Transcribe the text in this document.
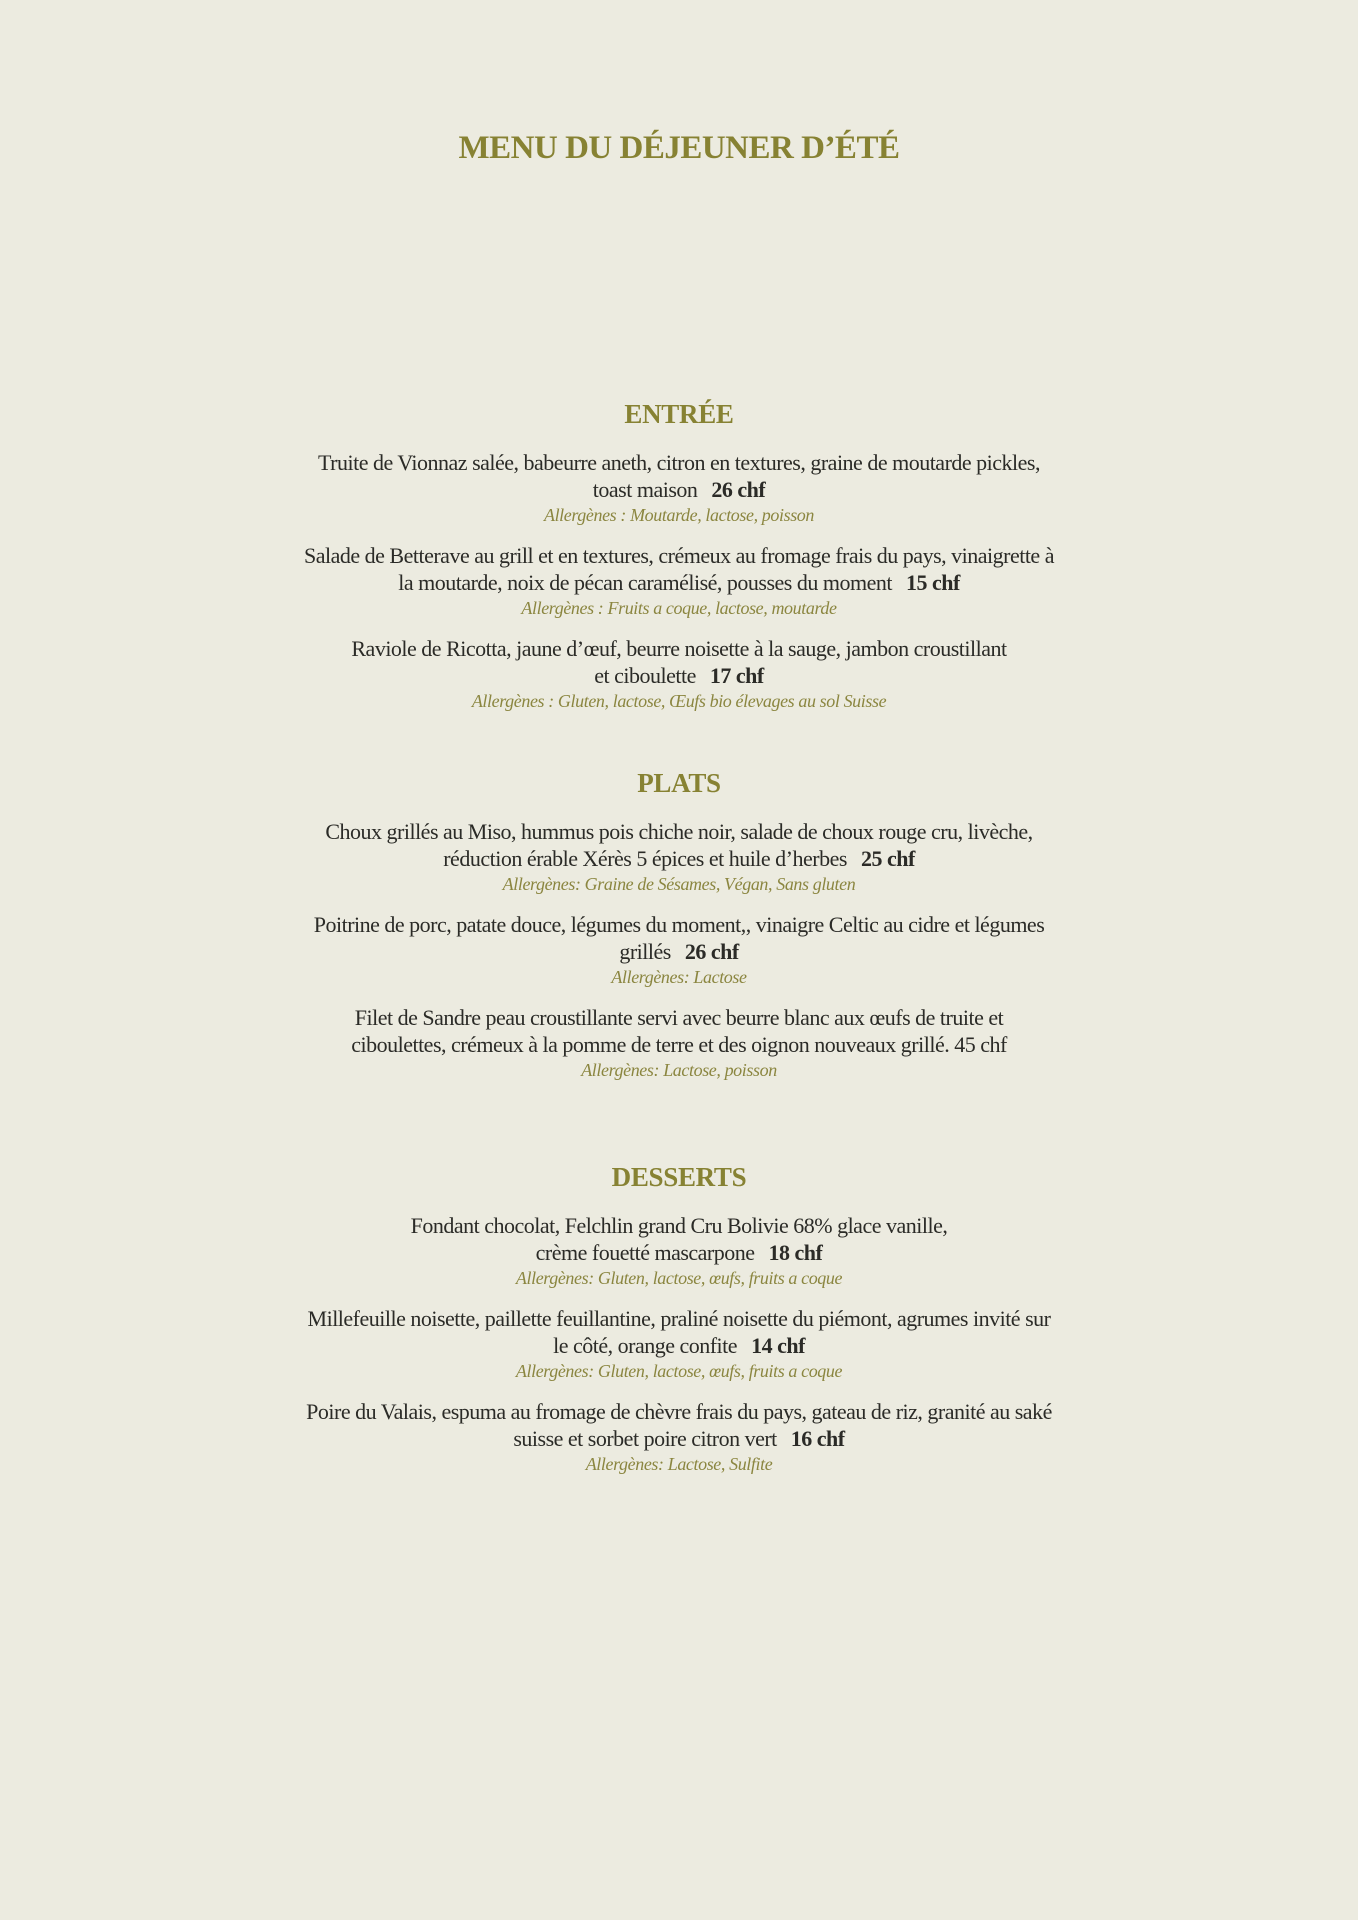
MENU DU DÉJEUNER D’ÉTÉ
ENTRÉE
Truite de Vionnaz salée, babeurre aneth, citron en textures, graine de moutarde pickles,
toast maison 26 chf
Allergènes : Moutarde, lactose, poisson
Salade de Betterave au grill et en textures, crémeux au fromage frais du pays, vinaigrette à
la moutarde, noix de pécan caramélisé, pousses du moment 15 chf
Allergènes : Fruits a coque, lactose, moutarde
Raviole de Ricotta, jaune d’œuf, beurre noisette à la sauge, jambon croustillant
et ciboulette 17 chf
Allergènes : Gluten, lactose, Œufs bio élevages au sol Suisse
PLATS
Choux grillés au Miso, hummus pois chiche noir, salade de choux rouge cru, livèche,
réduction érable Xérès 5 épices et huile d’herbes 25 chf
Allergènes: Graine de Sésames, Végan, Sans gluten
Poitrine de porc, patate douce, légumes du moment,, vinaigre Celtic au cidre et légumes
grillés 26 chf
Allergènes: Lactose
Filet de Sandre peau croustillante servi avec beurre blanc aux œufs de truite et
ciboulettes, crémeux à la pomme de terre et des oignon nouveaux grillé. 45 chf
Allergènes: Lactose, poisson
DESSERTS
Fondant chocolat, Felchlin grand Cru Bolivie 68% glace vanille,
crème fouetté mascarpone 18 chf
Allergènes: Gluten, lactose, œufs, fruits a coque
Millefeuille noisette, paillette feuillantine, praliné noisette du piémont, agrumes invité sur
le côté, orange confite 14 chf
Allergènes: Gluten, lactose, œufs, fruits a coque
Poire du Valais, espuma au fromage de chèvre frais du pays, gateau de riz, granité au saké
suisse et sorbet poire citron vert 16 chf
Allergènes: Lactose, Sulfite
